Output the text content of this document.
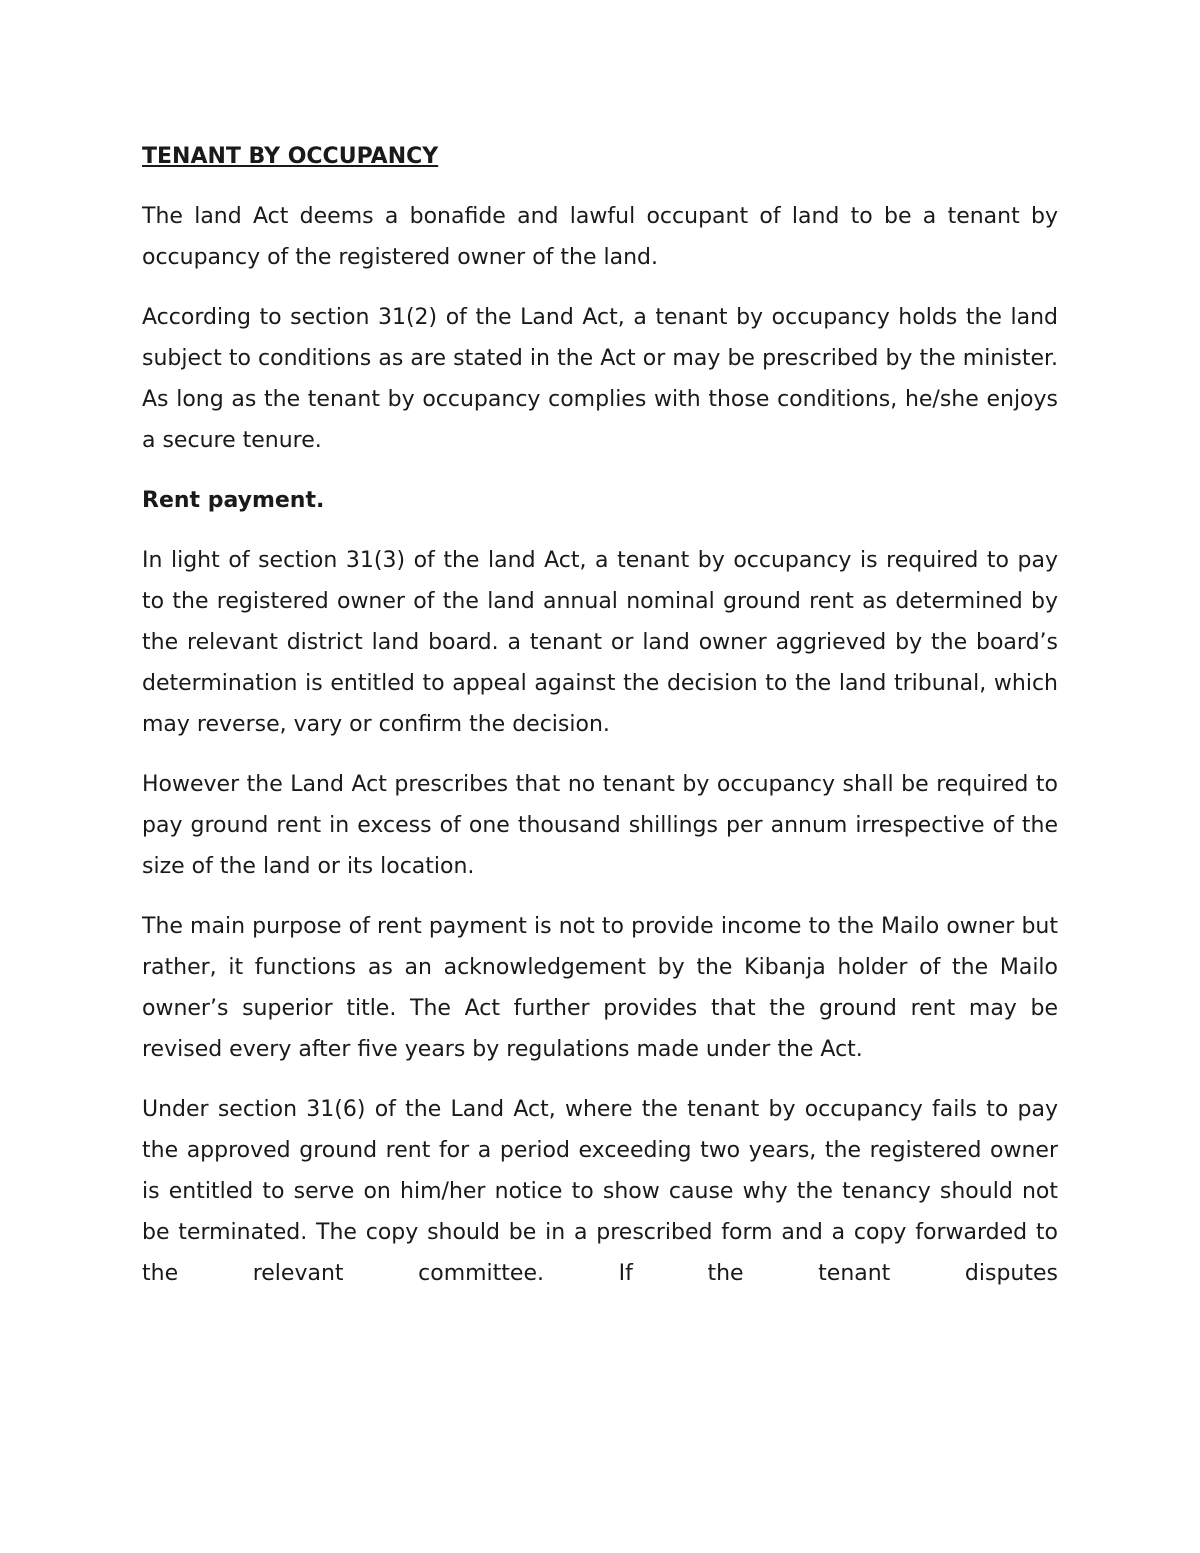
TENANT BY OCCUPANCY

The land Act deems a bonafide and lawful occupant of land to be a tenant by occupancy of the registered owner of the land.

According to section 31(2) of the Land Act, a tenant by occupancy holds the land subject to conditions as are stated in the Act or may be prescribed by the minister. As long as the tenant by occupancy complies with those conditions, he/she enjoys a secure tenure.

Rent payment.

In light of section 31(3) of the land Act, a tenant by occupancy is required to pay to the registered owner of the land annual nominal ground rent as determined by the relevant district land board. a tenant or land owner aggrieved by the board’s determination is entitled to appeal against the decision to the land tribunal, which may reverse, vary or confirm the decision.

However the Land Act prescribes that no tenant by occupancy shall be required to pay ground rent in excess of one thousand shillings per annum irrespective of the size of the land or its location.

The main purpose of rent payment is not to provide income to the Mailo owner but rather, it functions as an acknowledgement by the Kibanja holder of the Mailo owner’s superior title. The Act further provides that the ground rent may be revised every after five years by regulations made under the Act.

Under section 31(6) of the Land Act, where the tenant by occupancy fails to pay the approved ground rent for a period exceeding two years, the registered owner is entitled to serve on him/her notice to show cause why the tenancy should not be terminated. The copy should be in a prescribed form and a copy forwarded to the relevant committee. If the tenant disputes
